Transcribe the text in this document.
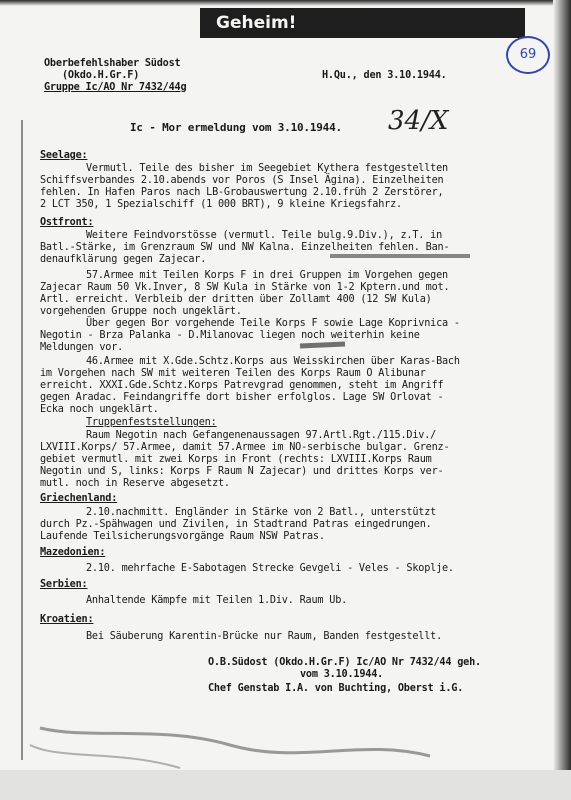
Geheim!
69
Oberbefehlshaber Südost
(Okdo.H.Gr.F)
Gruppe Ic/AO Nr 7432/44g
H.Qu., den 3.10.1944.
34/X
Ic - Mor ermeldung vom 3.10.1944.
Seelage:
Vermutl. Teile des bisher im Seegebiet Kythera festgestellten
Schiffsverbandes 2.10.abends vor Poros (S Insel Ägina). Einzelheiten
fehlen. In Hafen Paros nach LB-Grobauswertung 2.10.früh 2 Zerstörer,
2 LCT 350, 1 Spezialschiff (1 000 BRT), 9 kleine Kriegsfahrz.
Ostfront:
Weitere Feindvorstösse (vermutl. Teile bulg.9.Div.), z.T. in
Batl.-Stärke, im Grenzraum SW und NW Kalna. Einzelheiten fehlen. Ban-
denaufklärung gegen Zajecar.
57.Armee mit Teilen Korps F in drei Gruppen im Vorgehen gegen
Zajecar Raum 50 Vk.Inver, 8 SW Kula in Stärke von 1-2 Kptern.und mot.
Artl. erreicht. Verbleib der dritten über Zollamt 400 (12 SW Kula)
vorgehenden Gruppe noch ungeklärt.
Über gegen Bor vorgehende Teile Korps F sowie Lage Koprivnica -
Negotin - Brza Palanka - D.Milanovac liegen noch weiterhin keine
Meldungen vor.
46.Armee mit X.Gde.Schtz.Korps aus Weisskirchen über Karas-Bach
im Vorgehen nach SW mit weiteren Teilen des Korps Raum O Alibunar
erreicht. XXXI.Gde.Schtz.Korps Patrevgrad genommen, steht im Angriff
gegen Aradac. Feindangriffe dort bisher erfolglos. Lage SW Orlovat -
Ecka noch ungeklärt.
Truppenfeststellungen:
Raum Negotin nach Gefangenenaussagen 97.Artl.Rgt./115.Div./
LXVIII.Korps/ 57.Armee, damit 57.Armee im NO-serbische bulgar. Grenz-
gebiet vermutl. mit zwei Korps in Front (rechts: LXVIII.Korps Raum
Negotin und S, links: Korps F Raum N Zajecar) und drittes Korps ver-
mutl. noch in Reserve abgesetzt.
Griechenland:
2.10.nachmitt. Engländer in Stärke von 2 Batl., unterstützt
durch Pz.-Spähwagen und Zivilen, in Stadtrand Patras eingedrungen.
Laufende Teilsicherungsvorgänge Raum NSW Patras.
Mazedonien:
2.10. mehrfache E-Sabotagen Strecke Gevgeli - Veles - Skoplje.
Serbien:
Anhaltende Kämpfe mit Teilen 1.Div. Raum Ub.
Kroatien:
Bei Säuberung Karentin-Brücke nur Raum, Banden festgestellt.
O.B.Südost (Okdo.H.Gr.F) Ic/AO Nr 7432/44 geh.
vom 3.10.1944.
Chef Genstab I.A. von Buchting, Oberst i.G.
